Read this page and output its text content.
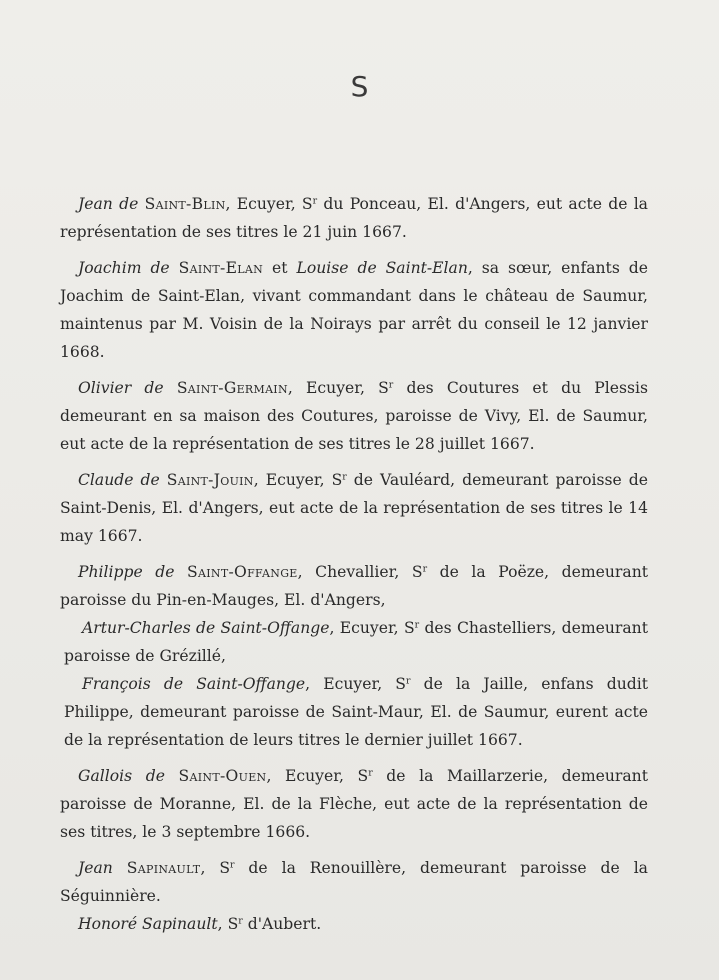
S

Jean de Saint-Blin, Ecuyer, $S^r$ du Ponceau, El. d'Angers, eut acte de la représentation de ses titres le 21 juin 1667.

Joachim de Saint-Elan et Louise de Saint-Elan, sa sœur, enfants de Joachim de Saint-Elan, vivant commandant dans le château de Saumur, maintenus par M. Voisin de la Noirays par arrêt du conseil le 12 janvier 1668.

Olivier de Saint-Germain, Ecuyer, $S^r$ des Coutures et du Plessis demeurant en sa maison des Coutures, paroisse de Vivy, El. de Saumur, eut acte de la représentation de ses titres le 28 juillet 1667.

Claude de Saint-Jouin, Ecuyer, $S^r$ de Vauléard, demeurant paroisse de Saint-Denis, El. d'Angers, eut acte de la représentation de ses titres le 14 may 1667.

Philippe de Saint-Offange, Chevallier, $S^r$ de la Poëze, demeurant paroisse du Pin-en-Mauges, El. d'Angers,
Artur-Charles de Saint-Offange, Ecuyer, $S^r$ des Chastelliers, demeurant paroisse de Grézillé,
François de Saint-Offange, Ecuyer, $S^r$ de la Jaille, enfans dudit Philippe, demeurant paroisse de Saint-Maur, El. de Saumur, eurent acte de la représentation de leurs titres le dernier juillet 1667.

Gallois de Saint-Ouen, Ecuyer, $S^r$ de la Maillarzerie, demeurant paroisse de Moranne, El. de la Flèche, eut acte de la représentation de ses titres, le 3 septembre 1666.

Jean Sapinault, $S^r$ de la Renouillère, demeurant paroisse de la Séguinnière.

Honoré Sapinault, $S^r$ d'Aubert.
